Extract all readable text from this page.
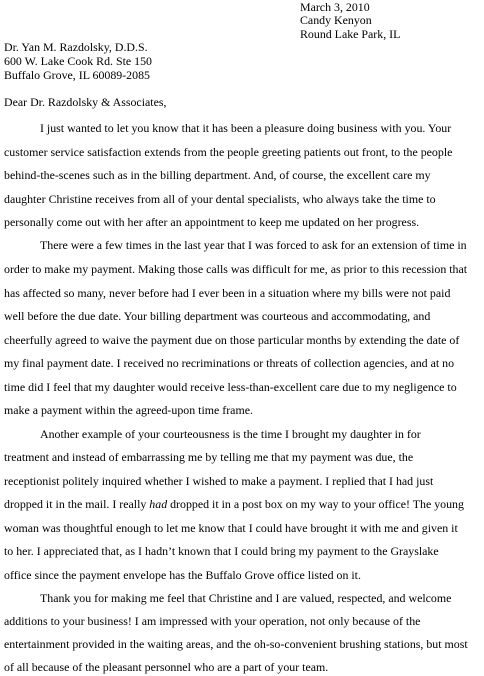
March 3, 2010
Candy Kenyon
Round Lake Park, IL
Dr. Yan M. Razdolsky, D.D.S.
600 W. Lake Cook Rd. Ste 150
Buffalo Grove, IL 60089-2085
Dear Dr. Razdolsky & Associates,
I just wanted to let you know that it has been a pleasure doing business with you. Your
customer service satisfaction extends from the people greeting patients out front, to the people
behind-the-scenes such as in the billing department. And, of course, the excellent care my
daughter Christine receives from all of your dental specialists, who always take the time to
personally come out with her after an appointment to keep me updated on her progress.
There were a few times in the last year that I was forced to ask for an extension of time in
order to make my payment. Making those calls was difficult for me, as prior to this recession that
has affected so many, never before had I ever been in a situation where my bills were not paid
well before the due date. Your billing department was courteous and accommodating, and
cheerfully agreed to waive the payment due on those particular months by extending the date of
my final payment date. I received no recriminations or threats of collection agencies, and at no
time did I feel that my daughter would receive less-than-excellent care due to my negligence to
make a payment within the agreed-upon time frame.
Another example of your courteousness is the time I brought my daughter in for
treatment and instead of embarrassing me by telling me that my payment was due, the
receptionist politely inquired whether I wished to make a payment. I replied that I had just
dropped it in the mail. I really had dropped it in a post box on my way to your office! The young
woman was thoughtful enough to let me know that I could have brought it with me and given it
to her. I appreciated that, as I hadn’t known that I could bring my payment to the Grayslake
office since the payment envelope has the Buffalo Grove office listed on it.
Thank you for making me feel that Christine and I are valued, respected, and welcome
additions to your business! I am impressed with your operation, not only because of the
entertainment provided in the waiting areas, and the oh-so-convenient brushing stations, but most
of all because of the pleasant personnel who are a part of your team.
